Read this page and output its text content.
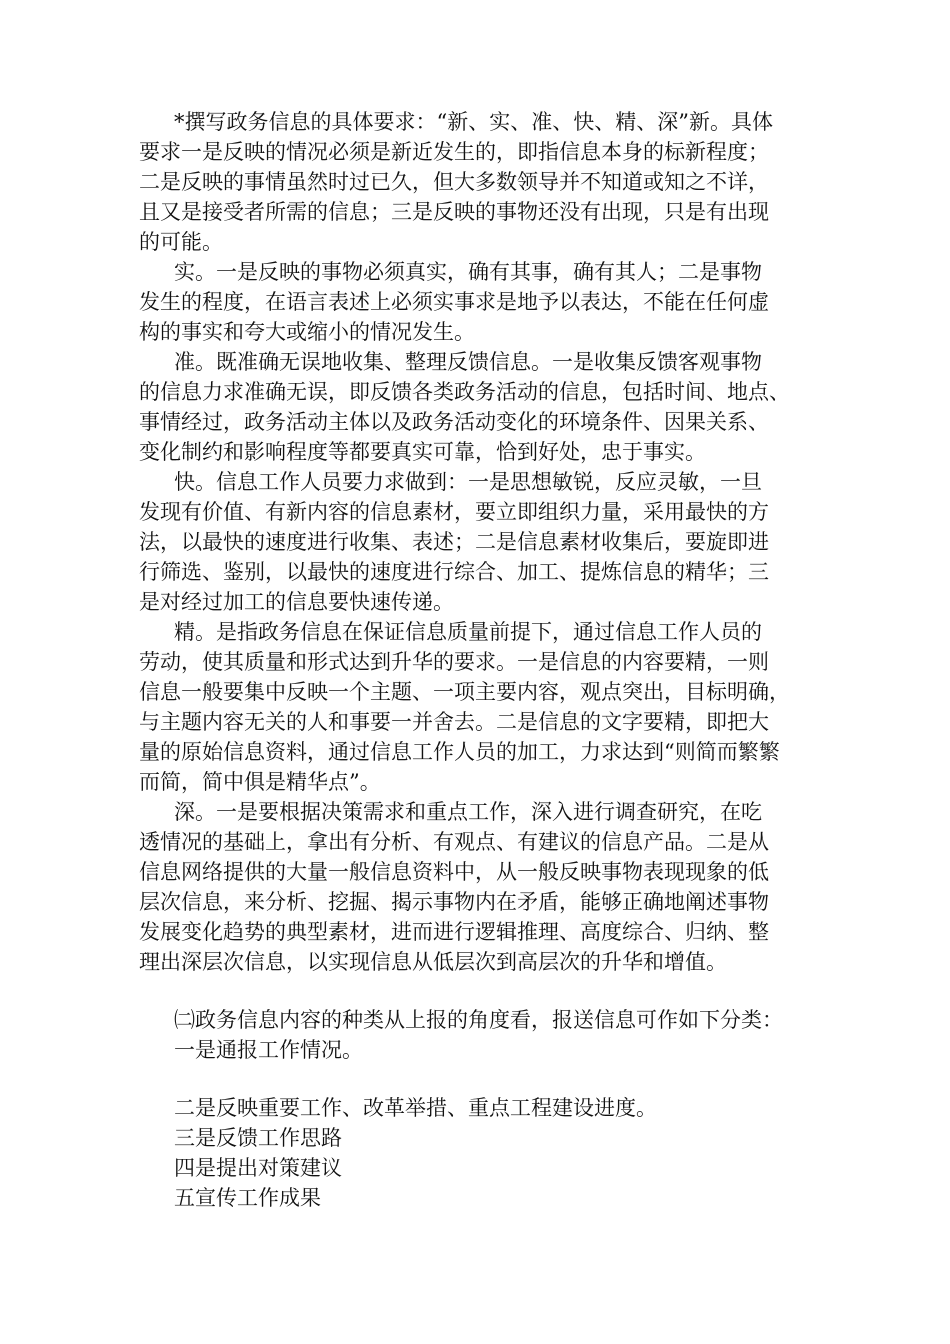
*撰写政务信息的具体要求：“新、实、准、快、精、深”新。具体
要求一是反映的情况必须是新近发生的，即指信息本身的标新程度；
二是反映的事情虽然时过已久，但大多数领导并不知道或知之不详，
且又是接受者所需的信息；三是反映的事物还没有出现，只是有出现
的可能。
实。一是反映的事物必须真实，确有其事，确有其人；二是事物
发生的程度，在语言表述上必须实事求是地予以表达，不能在任何虚
构的事实和夸大或缩小的情况发生。
准。既准确无误地收集、整理反馈信息。一是收集反馈客观事物
的信息力求准确无误，即反馈各类政务活动的信息，包括时间、地点、
事情经过，政务活动主体以及政务活动变化的环境条件、因果关系、
变化制约和影响程度等都要真实可靠，恰到好处，忠于事实。
快。信息工作人员要力求做到：一是思想敏锐，反应灵敏，一旦
发现有价值、有新内容的信息素材，要立即组织力量，采用最快的方
法，以最快的速度进行收集、表述；二是信息素材收集后，要旋即进
行筛选、鉴别，以最快的速度进行综合、加工、提炼信息的精华；三
是对经过加工的信息要快速传递。
精。是指政务信息在保证信息质量前提下，通过信息工作人员的
劳动，使其质量和形式达到升华的要求。一是信息的内容要精，一则
信息一般要集中反映一个主题、一项主要内容，观点突出，目标明确，
与主题内容无关的人和事要一并舍去。二是信息的文字要精，即把大
量的原始信息资料，通过信息工作人员的加工，力求达到“则简而繁繁
而简，简中俱是精华点”。
深。一是要根据决策需求和重点工作，深入进行调查研究，在吃
透情况的基础上，拿出有分析、有观点、有建议的信息产品。二是从
信息网络提供的大量一般信息资料中，从一般反映事物表现现象的低
层次信息，来分析、挖掘、揭示事物内在矛盾，能够正确地阐述事物
发展变化趋势的典型素材，进而进行逻辑推理、高度综合、归纳、整
理出深层次信息，以实现信息从低层次到高层次的升华和增值。
㈡政务信息内容的种类从上报的角度看，报送信息可作如下分类：
一是通报工作情况。
二是反映重要工作、改革举措、重点工程建设进度。
三是反馈工作思路
四是提出对策建议
五宣传工作成果
